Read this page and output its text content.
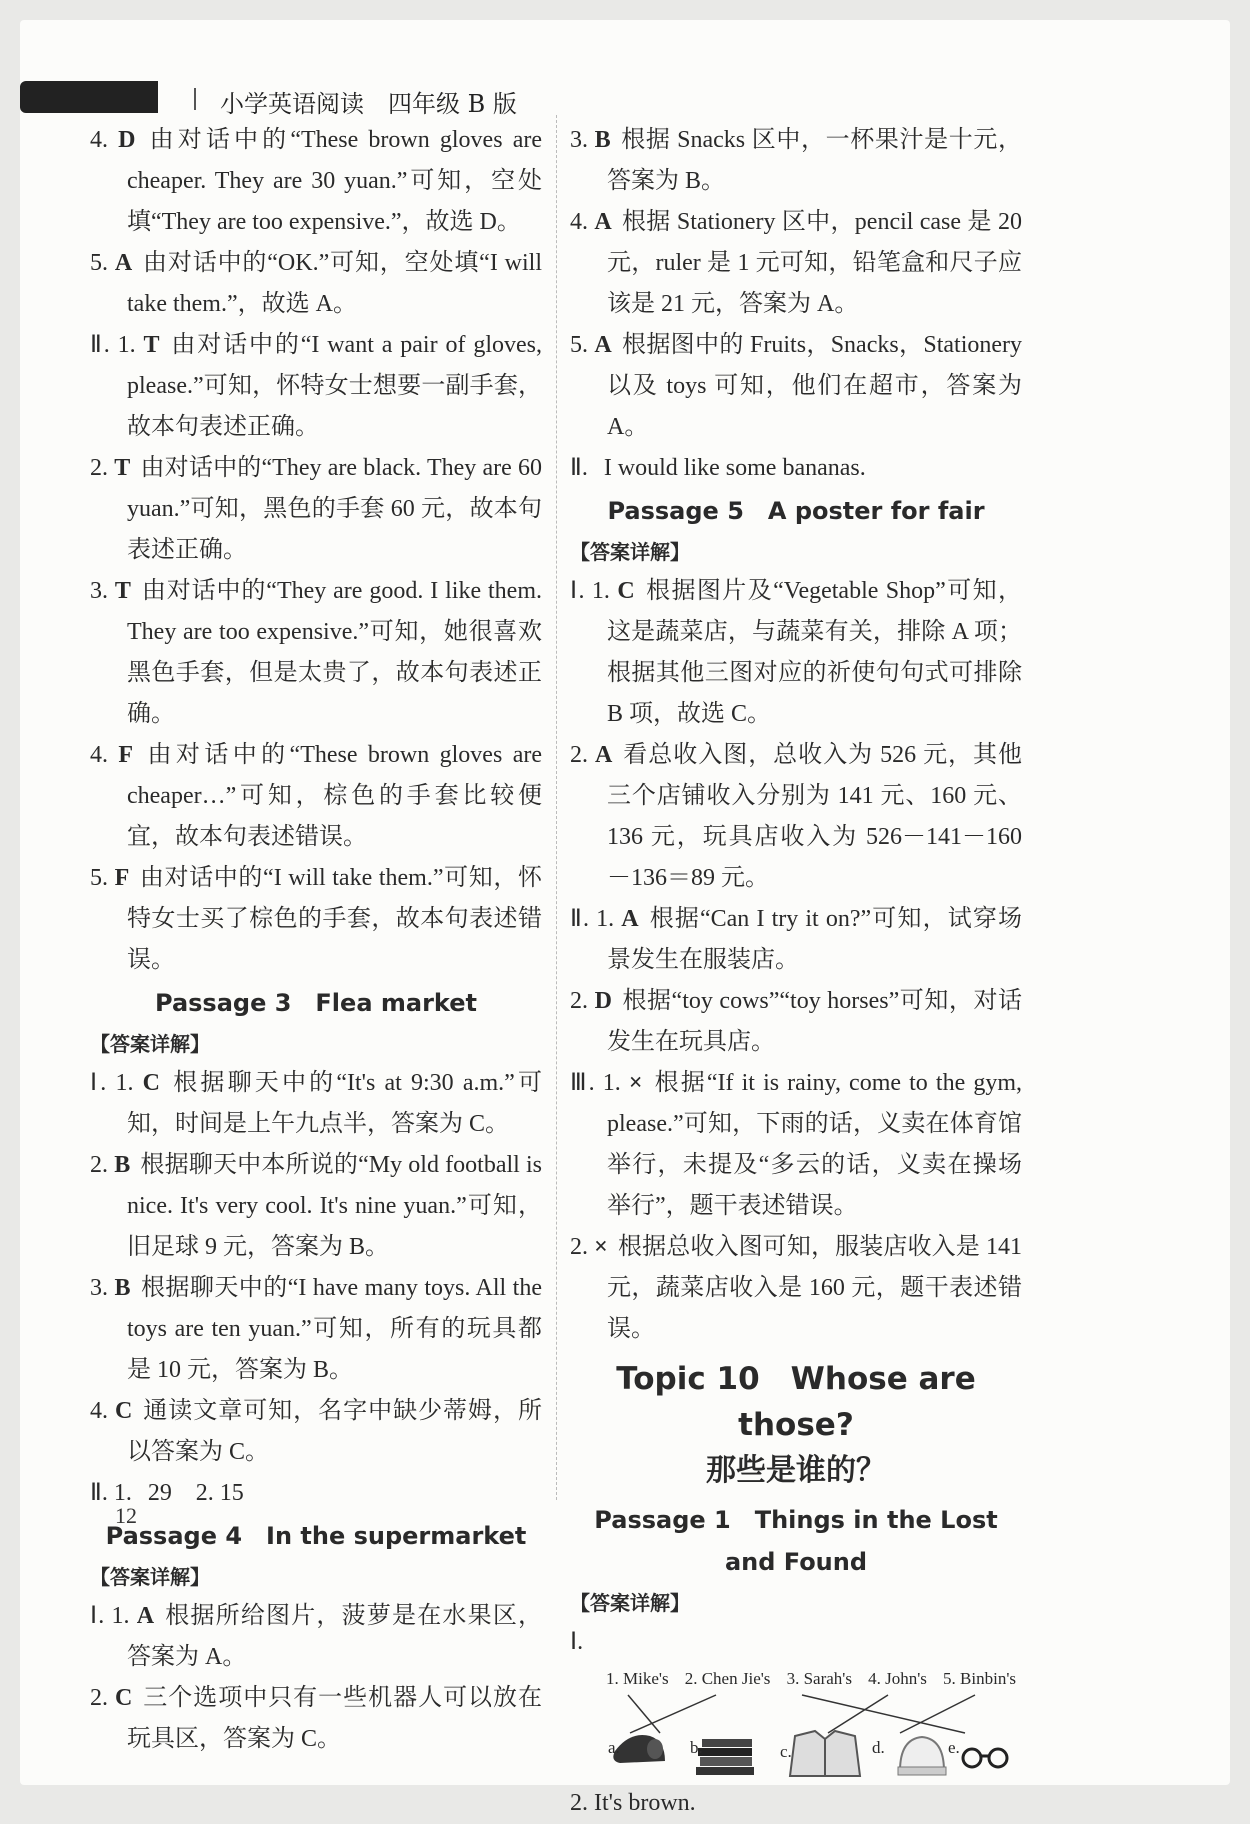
小学英语阅读　四年级 B 版
12
4. D 由对话中的“These brown gloves are cheaper. They are 30 yuan.”可知，空处填“They are too expensive.”，故选 D。
5. A 由对话中的“OK.”可知，空处填“I will take them.”，故选 A。
Ⅱ. 1. T 由对话中的“I want a pair of gloves, please.”可知，怀特女士想要一副手套，故本句表述正确。
2. T 由对话中的“They are black. They are 60 yuan.”可知，黑色的手套 60 元，故本句表述正确。
3. T 由对话中的“They are good. I like them. They are too expensive.”可知，她很喜欢黑色手套，但是太贵了，故本句表述正确。
4. F 由对话中的“These brown gloves are cheaper…”可知，棕色的手套比较便宜，故本句表述错误。
5. F 由对话中的“I will take them.”可知，怀特女士买了棕色的手套，故本句表述错误。
Passage 3　Flea market
【答案详解】
Ⅰ. 1. C 根据聊天中的“It's at 9:30 a.m.”可知，时间是上午九点半，答案为 C。
2. B 根据聊天中本所说的“My old football is nice. It's very cool. It's nine yuan.”可知，旧足球 9 元，答案为 B。
3. B 根据聊天中的“I have many toys. All the toys are ten yuan.”可知，所有的玩具都是 10 元，答案为 B。
4. C 通读文章可知，名字中缺少蒂姆，所以答案为 C。
Ⅱ. 1. 29　2. 15
Passage 4　In the supermarket
【答案详解】
Ⅰ. 1. A 根据所给图片，菠萝是在水果区，答案为 A。
2. C 三个选项中只有一些机器人可以放在玩具区，答案为 C。
3. B 根据 Snacks 区中，一杯果汁是十元，答案为 B。
4. A 根据 Stationery 区中，pencil case 是 20 元，ruler 是 1 元可知，铅笔盒和尺子应该是 21 元，答案为 A。
5. A 根据图中的 Fruits，Snacks，Stationery 以及 toys 可知，他们在超市，答案为 A。
Ⅱ. I would like some bananas.
Passage 5　A poster for fair
【答案详解】
Ⅰ. 1. C 根据图片及“Vegetable Shop”可知，这是蔬菜店，与蔬菜有关，排除 A 项；根据其他三图对应的祈使句句式可排除 B 项，故选 C。
2. A 看总收入图，总收入为 526 元，其他三个店铺收入分别为 141 元、160 元、136 元，玩具店收入为 526－141－160－136＝89 元。
Ⅱ. 1. A 根据“Can I try it on?”可知，试穿场景发生在服装店。
2. D 根据“toy cows”“toy horses”可知，对话发生在玩具店。
Ⅲ. 1. × 根据“If it is rainy, come to the gym, please.”可知，下雨的话，义卖在体育馆举行，未提及“多云的话，义卖在操场举行”，题干表述错误。
2. × 根据总收入图可知，服装店收入是 141 元，蔬菜店收入是 160 元，题干表述错误。
Topic 10　Whose are those?
那些是谁的？
Passage 1　Things in the Lost
and Found
【答案详解】
Ⅰ.
1. Mike's 2. Chen Jie's 3. Sarah's 4. John's 5. Binbin's
a.	b.	c.	d.	e.
2. It's brown.
